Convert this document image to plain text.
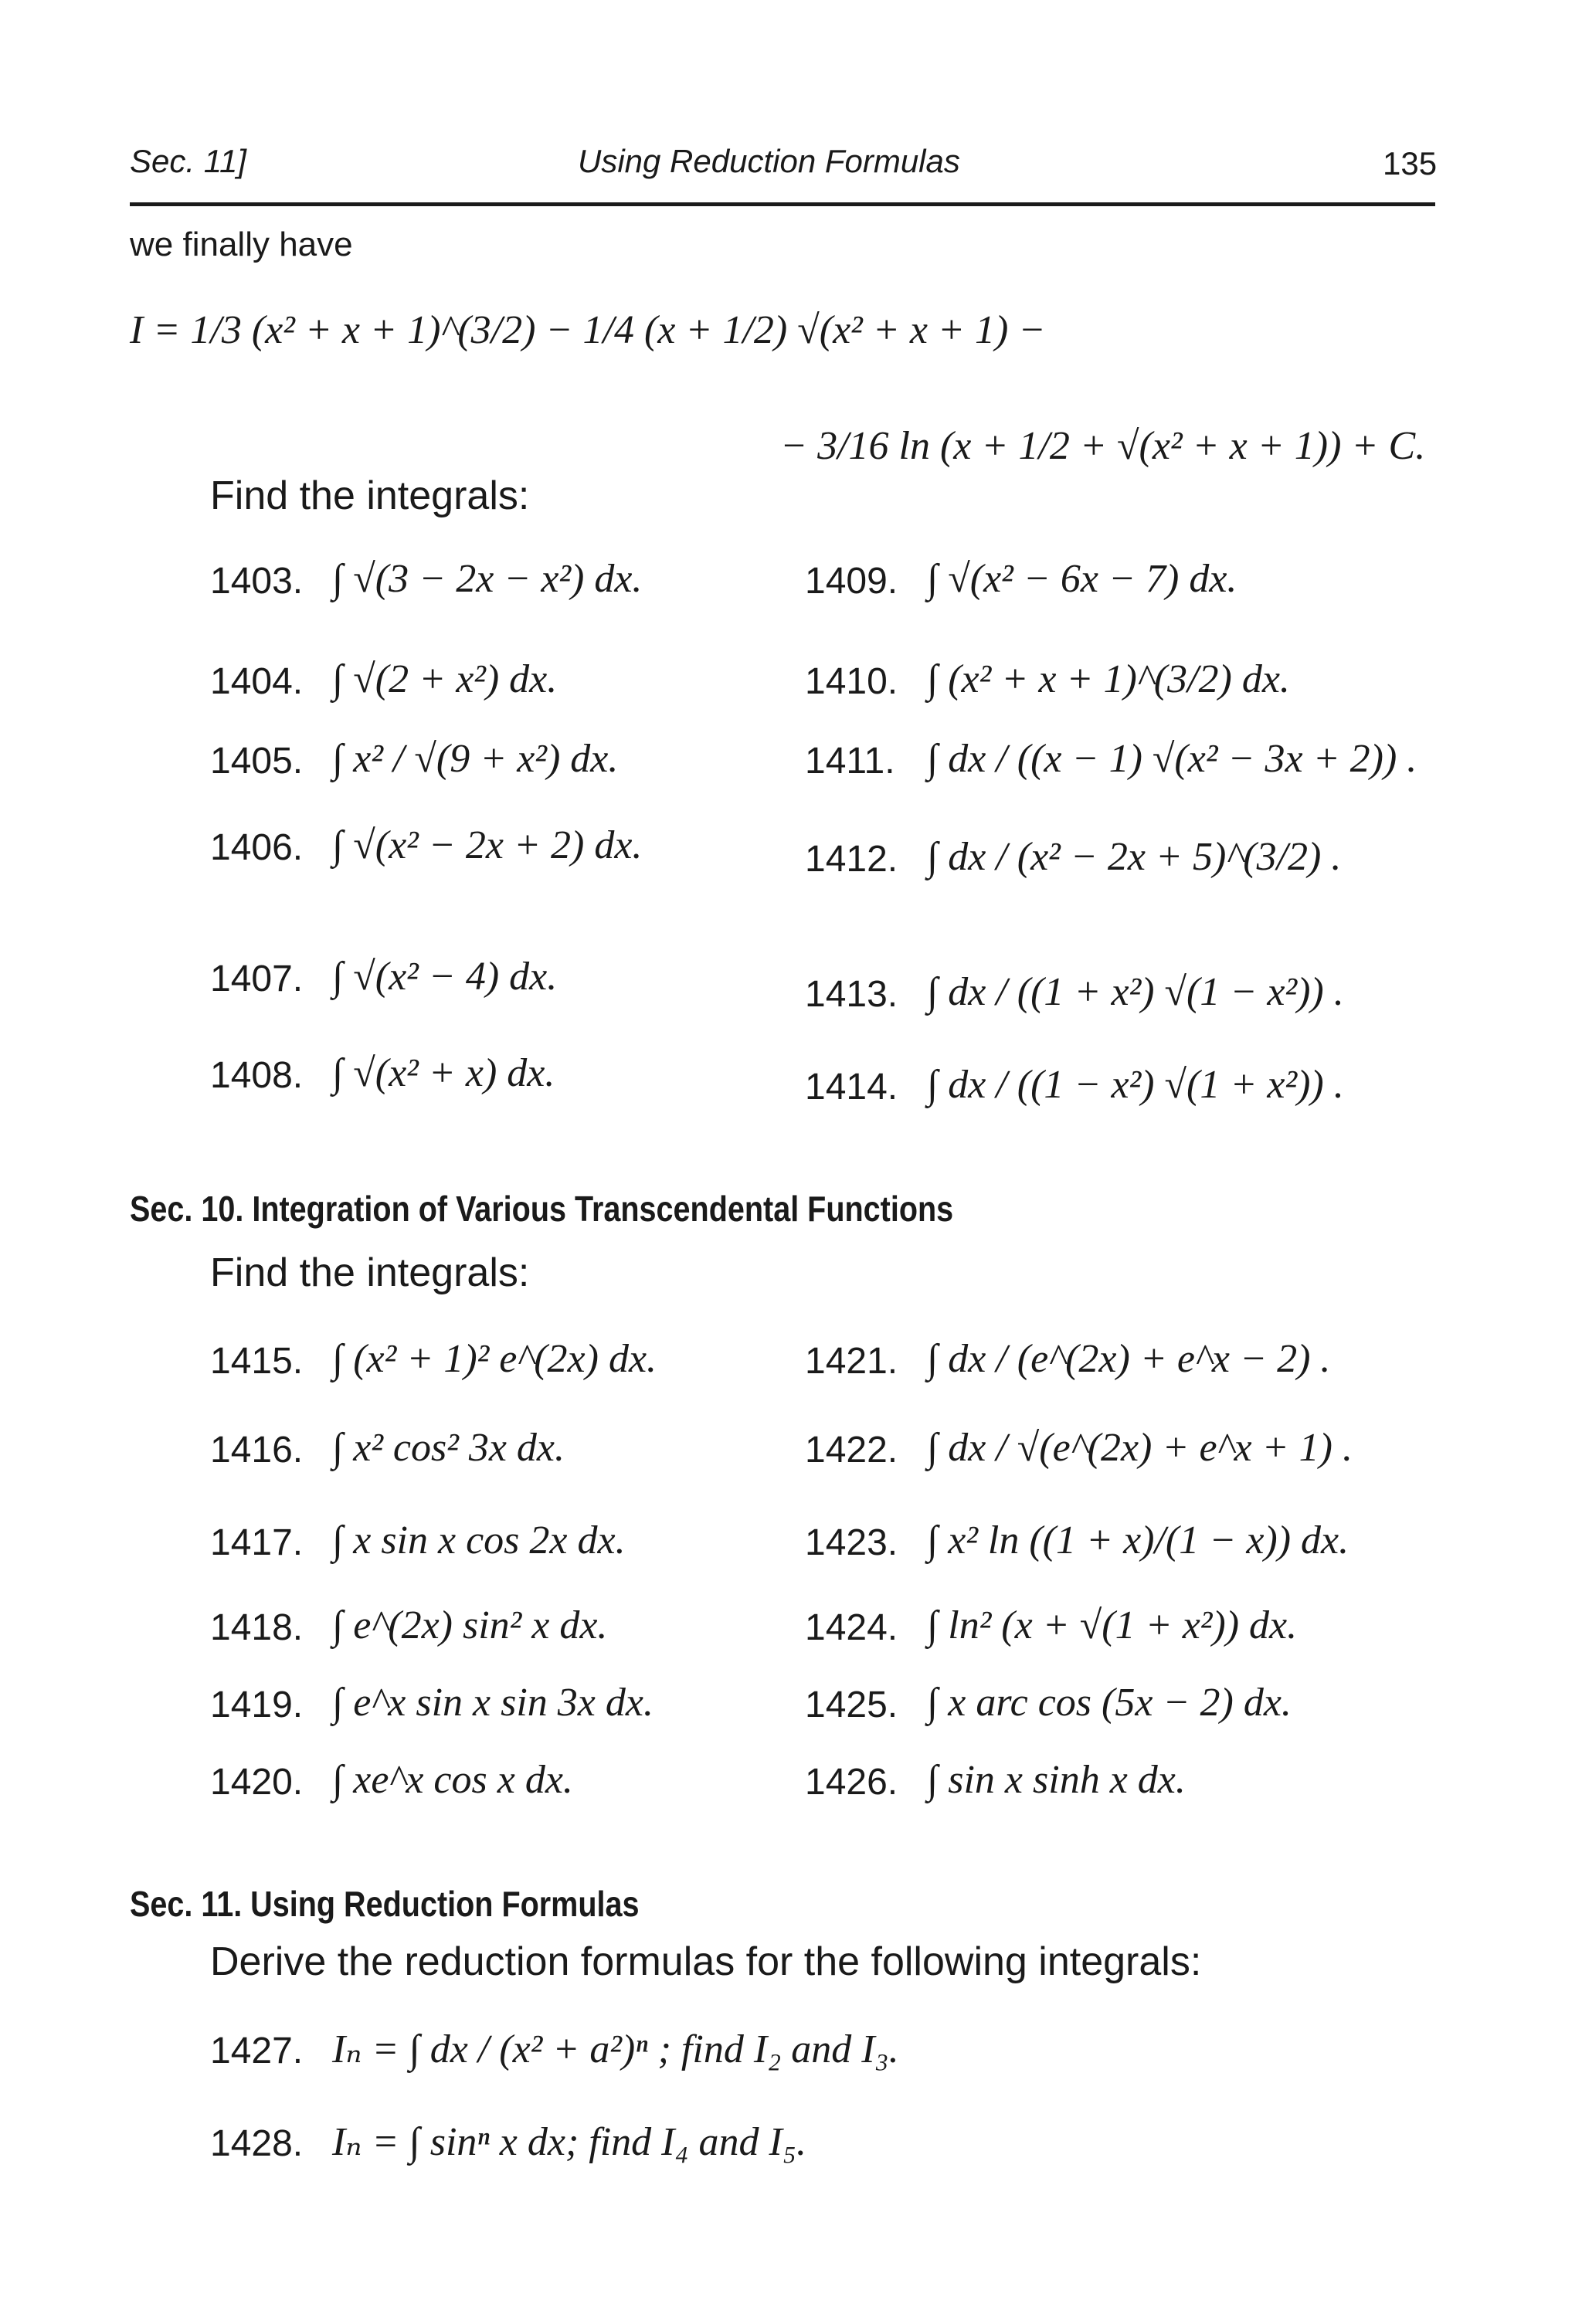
Sec. 11]	Using Reduction Formulas	135
we finally have
I = 1/3 (x² + x + 1)^(3/2) − 1/4 (x + 1/2) √(x² + x + 1) −
− 3/16 ln (x + 1/2 + √(x² + x + 1)) + C.
Find the integrals:
1403. ∫ √(3 − 2x − x²) dx.
1404. ∫ √(2 + x²) dx.
1405. ∫ x² / √(9 + x²) dx.
1406. ∫ √(x² − 2x + 2) dx.
1407. ∫ √(x² − 4) dx.
1408. ∫ √(x² + x) dx.
1409. ∫ √(x² − 6x − 7) dx.
1410. ∫ (x² + x + 1)^(3/2) dx.
1411. ∫ dx / ((x − 1) √(x² − 3x + 2)) .
1412. ∫ dx / (x² − 2x + 5)^(3/2) .
1413. ∫ dx / ((1 + x²) √(1 − x²)) .
1414. ∫ dx / ((1 − x²) √(1 + x²)) .
Sec. 10. Integration of Various Transcendental Functions
Find the integrals:
1415. ∫ (x² + 1)² e^(2x) dx.
1416. ∫ x² cos² 3x dx.
1417. ∫ x sin x cos 2x dx.
1418. ∫ e^(2x) sin² x dx.
1419. ∫ e^x sin x sin 3x dx.
1420. ∫ xe^x cos x dx.
1421. ∫ dx / (e^(2x) + e^x − 2) .
1422. ∫ dx / √(e^(2x) + e^x + 1) .
1423. ∫ x² ln ((1 + x)/(1 − x)) dx.
1424. ∫ ln² (x + √(1 + x²)) dx.
1425. ∫ x arc cos (5x − 2) dx.
1426. ∫ sin x sinh x dx.
Sec. 11. Using Reduction Formulas
Derive the reduction formulas for the following integrals:
1427. Iₙ = ∫ dx / (x² + a²)ⁿ ; find I₂ and I₃.
1428. Iₙ = ∫ sinⁿ x dx; find I₄ and I₅.
